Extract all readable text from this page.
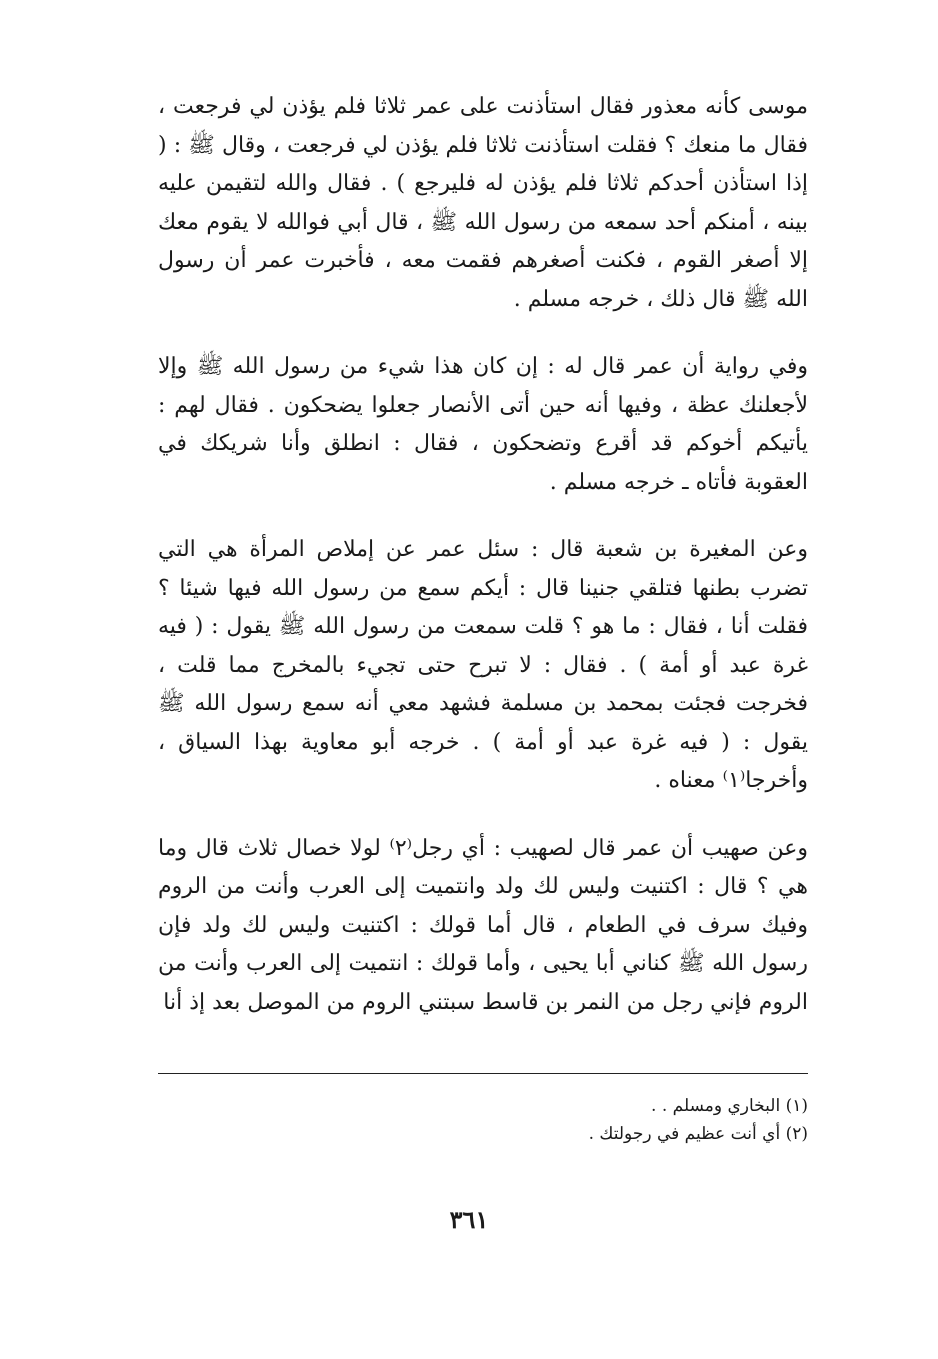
موسى كأنه معذور فقال استأذنت على عمر ثلاثا فلم يؤذن لي فرجعت ، فقال ما منعك ؟ فقلت استأذنت ثلاثا فلم يؤذن لي فرجعت ، وقال ﷺ : ( إذا استأذن أحدكم ثلاثا فلم يؤذن له فليرجع ) . فقال والله لتقيمن عليه بينه ، أمنكم أحد سمعه من رسول الله ﷺ ، قال أبي فوالله لا يقوم معك إلا أصغر القوم ، فكنت أصغرهم فقمت معه ، فأخبرت عمر أن رسول الله ﷺ قال ذلك ، خرجه مسلم .

وفي رواية أن عمر قال له : إن كان هذا شيء من رسول الله ﷺ وإلا لأجعلنك عظة ، وفيها أنه حين أتى الأنصار جعلوا يضحكون . فقال لهم : يأتيكم أخوكم قد أقرع وتضحكون ، فقال : انطلق وأنا شريكك في العقوبة فأتاه ـ خرجه مسلم .

وعن المغيرة بن شعبة قال : سئل عمر عن إملاص المرأة هي التي تضرب بطنها فتلقي جنينا قال : أيكم سمع من رسول الله فيها شيئا ؟ فقلت أنا ، فقال : ما هو ؟ قلت سمعت من رسول الله ﷺ يقول : ( فيه غرة عبد أو أمة ) . فقال : لا تبرح حتى تجيء بالمخرج مما قلت ، فخرجت فجئت بمحمد بن مسلمة فشهد معي أنه سمع رسول الله ﷺ يقول : ( فيه غرة عبد أو أمة ) . خرجه أبو معاوية بهذا السياق ، وأخرجا⁽١⁾ معناه .

وعن صهيب أن عمر قال لصهيب : أي رجل⁽٢⁾ لولا خصال ثلاث قال وما هي ؟ قال : اكتنيت وليس لك ولد وانتميت إلى العرب وأنت من الروم وفيك سرف في الطعام ، قال أما قولك : اكتنيت وليس لك ولد فإن رسول الله ﷺ كناني أبا يحيى ، وأما قولك : انتميت إلى العرب وأنت من الروم فإني رجل من النمر بن قاسط سبتني الروم من الموصل بعد إذ أنا

(١) البخاري ومسلم . .

(٢) أي أنت عظيم في رجولتك .

٣٦١
